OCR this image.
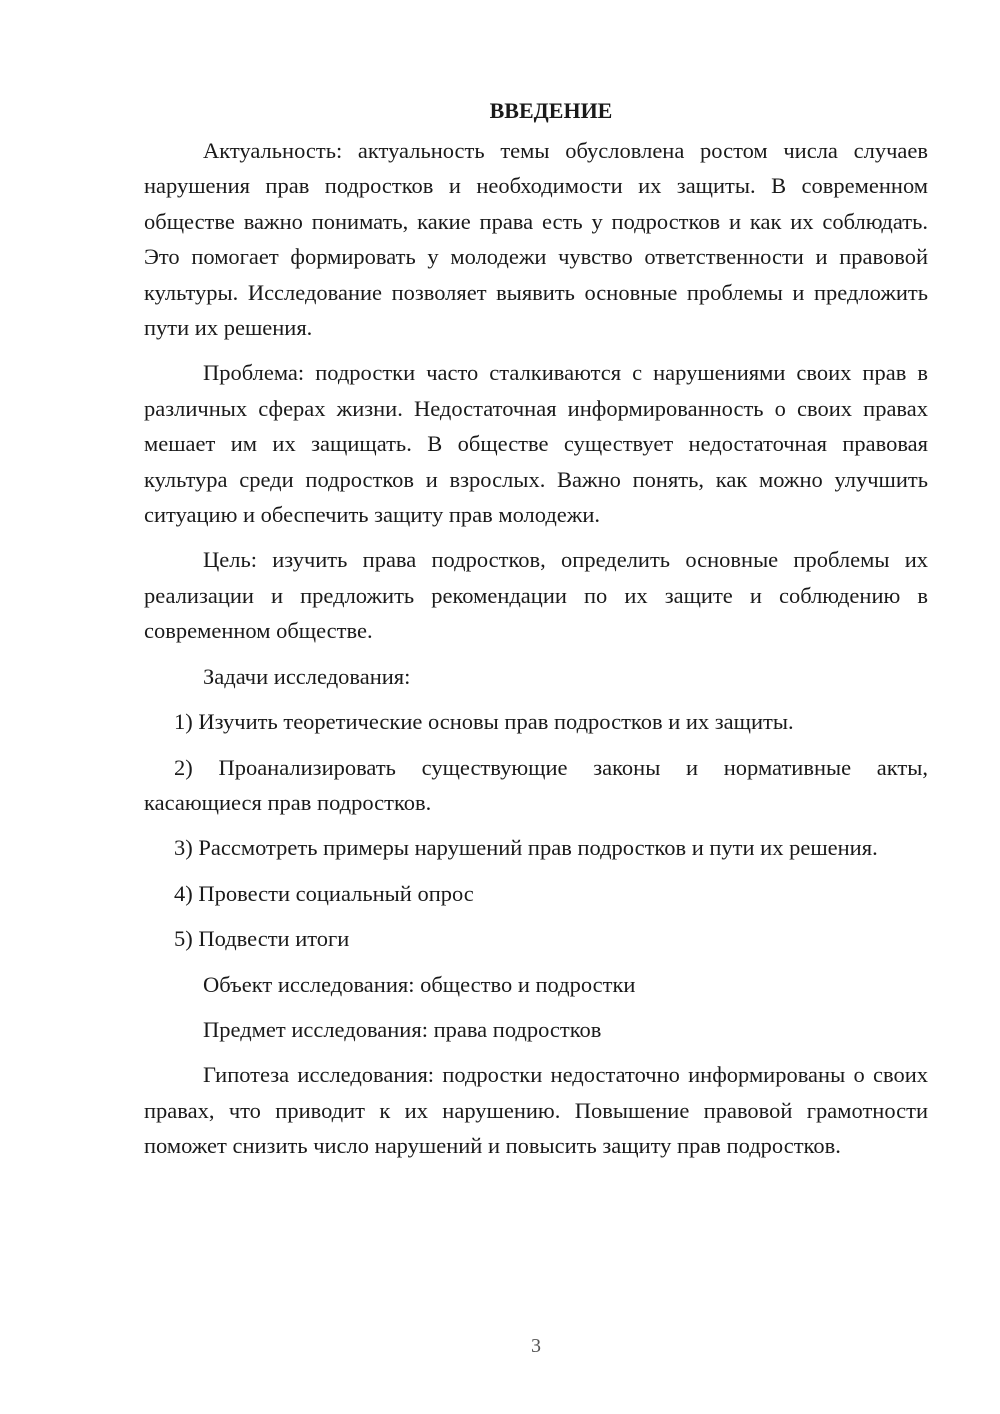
ВВЕДЕНИЕ

Актуальность: актуальность темы обусловлена ростом числа случаев нарушения прав подростков и необходимости их защиты. В современном обществе важно понимать, какие права есть у подростков и как их соблюдать. Это помогает формировать у молодежи чувство ответственности и правовой культуры. Исследование позволяет выявить основные проблемы и предложить пути их решения.

Проблема: подростки часто сталкиваются с нарушениями своих прав в различных сферах жизни. Недостаточная информированность о своих правах мешает им их защищать. В обществе существует недостаточная правовая культура среди подростков и взрослых. Важно понять, как можно улучшить ситуацию и обеспечить защиту прав молодежи.

Цель: изучить права подростков, определить основные проблемы их реализации и предложить рекомендации по их защите и соблюдению в современном обществе.

Задачи исследования:

1) Изучить теоретические основы прав подростков и их защиты.

2) Проанализировать существующие законы и нормативные акты, касающиеся прав подростков.

3) Рассмотреть примеры нарушений прав подростков и пути их решения.

4) Провести социальный опрос

5) Подвести итоги

Объект исследования: общество и подростки

Предмет исследования: права подростков

Гипотеза исследования: подростки недостаточно информированы о своих правах, что приводит к их нарушению. Повышение правовой грамотности поможет снизить число нарушений и повысить защиту прав подростков.

3
